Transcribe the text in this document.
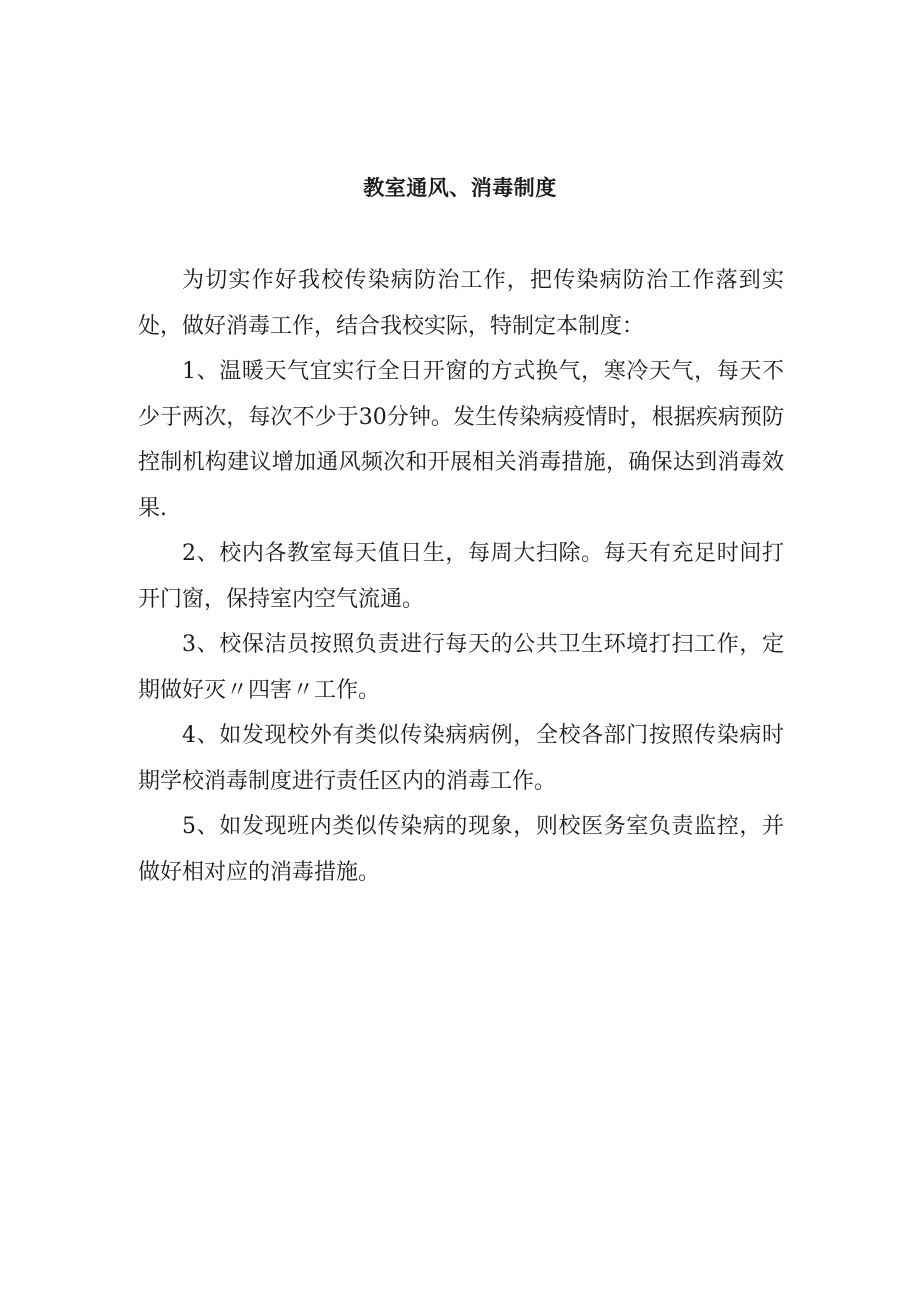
教室通风、消毒制度

为切实作好我校传染病防治工作，把传染病防治工作落到实处，做好消毒工作，结合我校实际，特制定本制度：

1、温暖天气宜实行全日开窗的方式换气，寒冷天气，每天不少于两次，每次不少于30分钟。发生传染病疫情时，根据疾病预防控制机构建议增加通风频次和开展相关消毒措施，确保达到消毒效果.

2、校内各教室每天值日生，每周大扫除。每天有充足时间打开门窗，保持室内空气流通。

3、校保洁员按照负责进行每天的公共卫生环境打扫工作，定期做好灭〃四害〃工作。

4、如发现校外有类似传染病病例，全校各部门按照传染病时期学校消毒制度进行责任区内的消毒工作。

5、如发现班内类似传染病的现象，则校医务室负责监控，并做好相对应的消毒措施。
